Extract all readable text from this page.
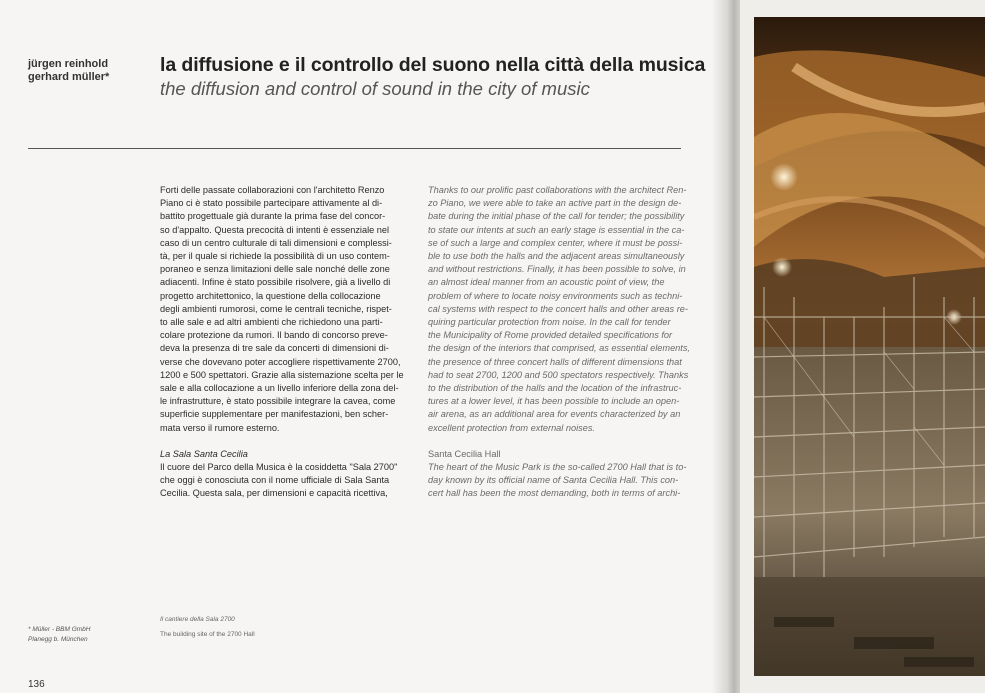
jürgen reinhold
gerhard müller*
la diffusione e il controllo del suono nella città della musica
the diffusion and control of sound in the city of music

Forti delle passate collaborazioni con l'architetto Renzo
Piano ci è stato possibile partecipare attivamente al di-
battito progettuale già durante la prima fase del concor-
so d'appalto. Questa precocità di intenti è essenziale nel
caso di un centro culturale di tali dimensioni e complessi-
tà, per il quale si richiede la possibilità di un uso contem-
poraneo e senza limitazioni delle sale nonché delle zone
adiacenti. Infine è stato possibile risolvere, già a livello di
progetto architettonico, la questione della collocazione
degli ambienti rumorosi, come le centrali tecniche, rispet-
to alle sale e ad altri ambienti che richiedono una parti-
colare protezione da rumori. Il bando di concorso preve-
deva la presenza di tre sale da concerti di dimensioni di-
verse che dovevano poter accogliere rispettivamente 2700,
1200 e 500 spettatori. Grazie alla sistemazione scelta per le
sale e alla collocazione a un livello inferiore della zona del-
le infrastrutture, è stato possibile integrare la cavea, come
superficie supplementare per manifestazioni, ben scher-
mata verso il rumore esterno.

La Sala Santa Cecilia

Il cuore del Parco della Musica è la cosiddetta "Sala 2700"
che oggi è conosciuta con il nome ufficiale di Sala Santa
Cecilia. Questa sala, per dimensioni e capacità ricettiva,

Thanks to our prolific past collaborations with the architect Ren-
zo Piano, we were able to take an active part in the design de-
bate during the initial phase of the call for tender; the possibility
to state our intents at such an early stage is essential in the ca-
se of such a large and complex center, where it must be possi-
ble to use both the halls and the adjacent areas simultaneously
and without restrictions. Finally, it has been possible to solve, in
an almost ideal manner from an acoustic point of view, the
problem of where to locate noisy environments such as techni-
cal systems with respect to the concert halls and other areas re-
quiring particular protection from noise. In the call for tender
the Municipality of Rome provided detailed specifications for
the design of the interiors that comprised, as essential elements,
the presence of three concert halls of different dimensions that
had to seat 2700, 1200 and 500 spectators respectively. Thanks
to the distribution of the halls and the location of the infrastruc-
tures at a lower level, it has been possible to include an open-
air arena, as an additional area for events characterized by an
excellent protection from external noises.

Santa Cecilia Hall

The heart of the Music Park is the so-called 2700 Hall that is to-
day known by its official name of Santa Cecilia Hall. This con-
cert hall has been the most demanding, both in terms of archi-

Il cantiere della Sala 2700
The building site of the 2700 Hall
* Müller - BBM GmbH
Planegg b. München
136
